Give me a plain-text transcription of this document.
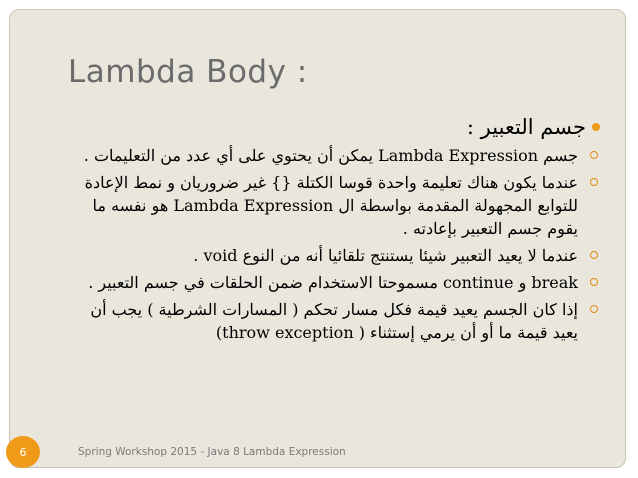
Lambda Body :
جسم التعبير :
جسم Lambda Expression يمكن أن يحتوي على أي عدد من التعليمات .
عندما يكون هناك تعليمة واحدة قوسا الكتلة {} غير ضروريان و نمط الإعادة للتوابع المجهولة المقدمة بواسطة ال Lambda Expression هو نفسه ما يقوم جسم التعبير بإعادته .
عندما لا يعيد التعبير شيئا يستنتج تلقائيا أنه من النوع void .
break و continue مسموحتا الاستخدام ضمن الحلقات في جسم التعبير .
إذا كان الجسم يعيد قيمة فكل مسار تحكم ( المسارات الشرطية ) يجب أن يعيد قيمة ما أو أن يرمي إستثناء ( throw exception)
6	Spring Workshop 2015 - Java 8 Lambda Expression
